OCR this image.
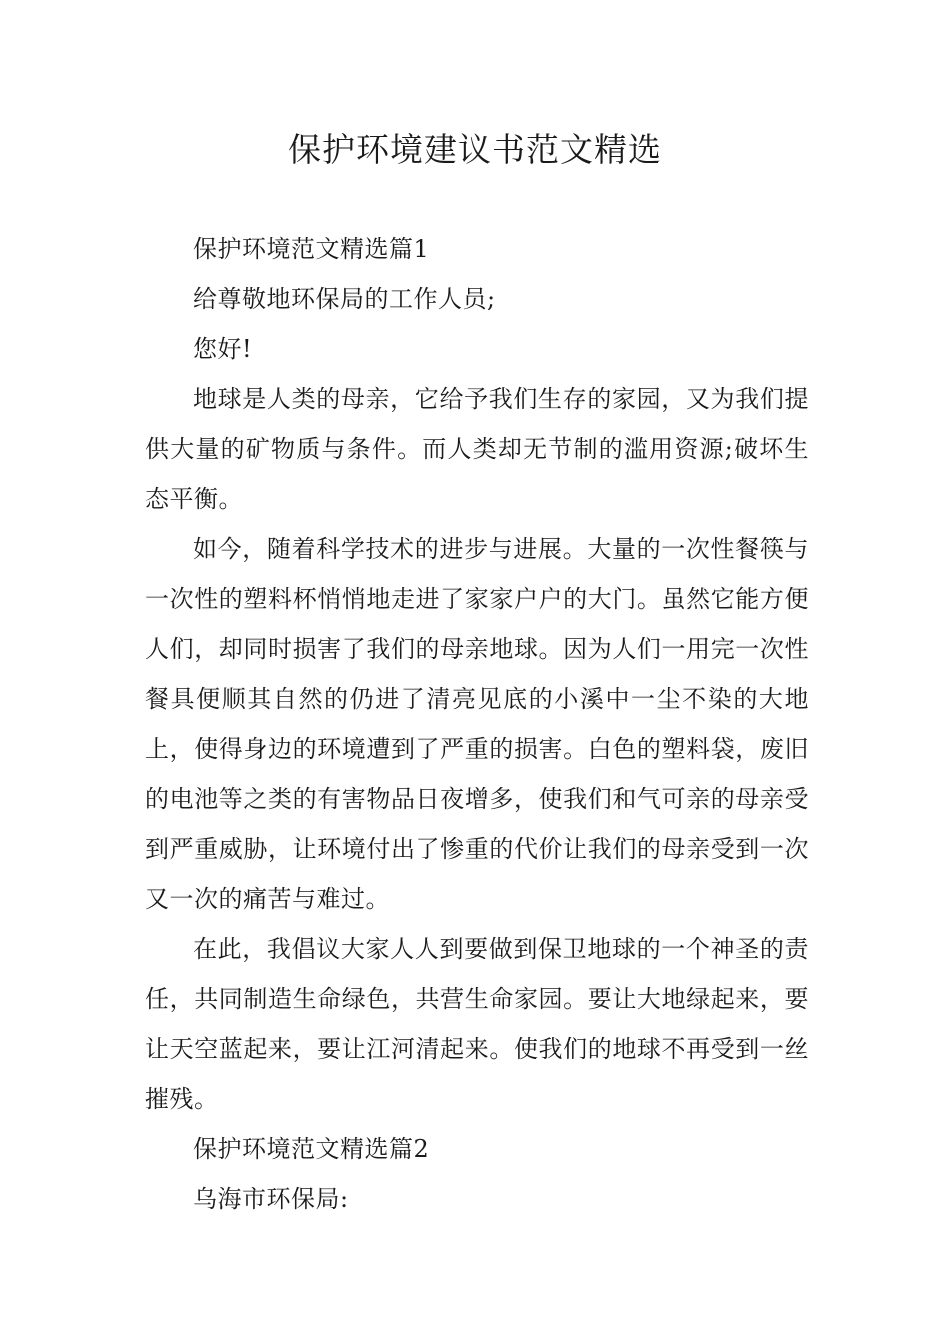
保护环境建议书范文精选

保护环境范文精选篇1

给尊敬地环保局的工作人员;

您好!

地球是人类的母亲，它给予我们生存的家园，又为我们提供大量的矿物质与条件。而人类却无节制的滥用资源;破坏生态平衡。

如今，随着科学技术的进步与进展。大量的一次性餐筷与一次性的塑料杯悄悄地走进了家家户户的大门。虽然它能方便人们，却同时损害了我们的母亲地球。因为人们一用完一次性餐具便顺其自然的仍进了清亮见底的小溪中一尘不染的大地上，使得身边的环境遭到了严重的损害。白色的塑料袋，废旧的电池等之类的有害物品日夜增多，使我们和气可亲的母亲受到严重威胁，让环境付出了惨重的代价让我们的母亲受到一次又一次的痛苦与难过。

在此，我倡议大家人人到要做到保卫地球的一个神圣的责任，共同制造生命绿色，共营生命家园。要让大地绿起来，要让天空蓝起来，要让江河清起来。使我们的地球不再受到一丝摧残。

保护环境范文精选篇2

乌海市环保局:
